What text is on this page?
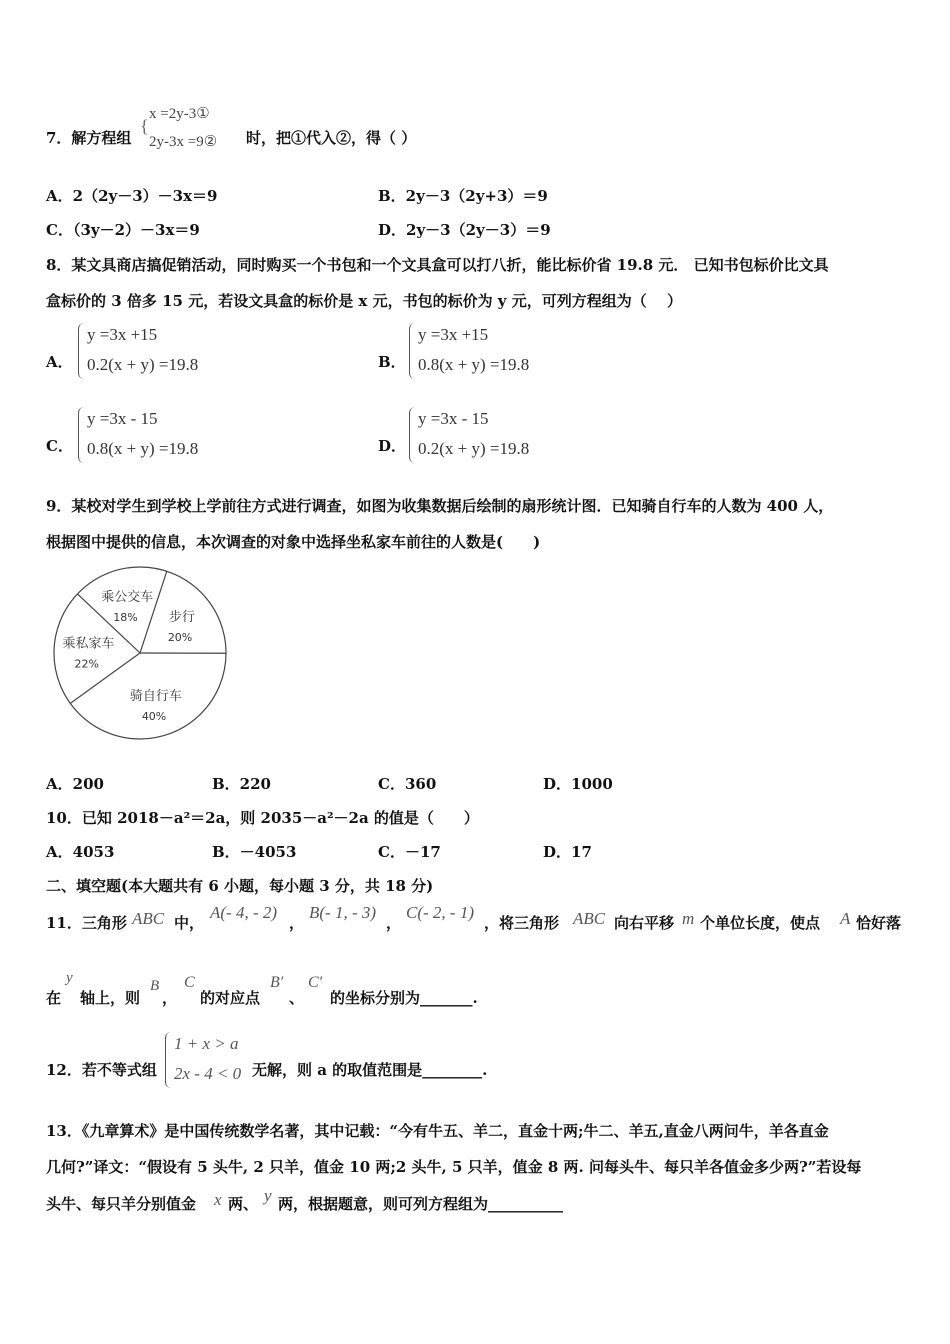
7．解方程组
{
x =2y-3①
2y-3x =9② 时，把①代入②，得（ ）
A．2（2y－3）－3x＝9	B．2y－3（2y+3）＝9
C．（3y－2）－3x＝9	D．2y－3（2y－3）＝9
8．某文具商店搞促销活动，同时购买一个书包和一个文具盒可以打八折，能比标价省 19.8 元． 已知书包标价比文具
盒标价的 3 倍多 15 元，若设文具盒的标价是 x 元，书包的标价为 y 元，可列方程组为（　 ）
A．
y =3x +15
0.2(x + y) =19.8	B．
y =3x +15
0.8(x + y) =19.8
C．
y =3x - 15
0.8(x + y) =19.8	D．
y =3x - 15
0.2(x + y) =19.8
9．某校对学生到学校上学前往方式进行调查，如图为收集数据后绘制的扇形统计图．已知骑自行车的人数为 400 人，
根据图中提供的信息，本次调查的对象中选择坐私家车前往的人数是(　　)
乘公交车
18% 步行
20%
骑自行车
40%
乘私家车
22%
A．200	B．220	C．360	D．1000
10．已知 2018－a²＝2a，则 2035－a²－2a 的值是（　　）
A．4053	B．－4053	C．－17	D．17
二、填空题(本大题共有 6 小题，每小题 3 分，共 18 分)
11．三角形 ABC 中，
A(- 4, - 2)
，
B(- 1, - 3)
，
C(- 2, - 1)
，将三角形 ABC 向右平移 m 个单位长度，使点 A 恰好落
在
y
轴上，则
B
，
C
的对应点
B′
、
C′
的坐标分别为_______.
12．若不等式组
1 + x > a
2x - 4 < 0 无解，则 a 的取值范围是________.
13．《九章算术》是中国传统数学名著，其中记载：“今有牛五、羊二，直金十两;牛二、羊五,直金八两问牛，羊各直金
几何?”译文：“假设有 5 头牛, 2 只羊，值金 10 两;2 头牛, 5 只羊，值金 8 两. 问每头牛、每只羊各值金多少两?”若设每
头牛、每只羊分别值金 x 两、 y 两，根据题意，则可列方程组为__________
